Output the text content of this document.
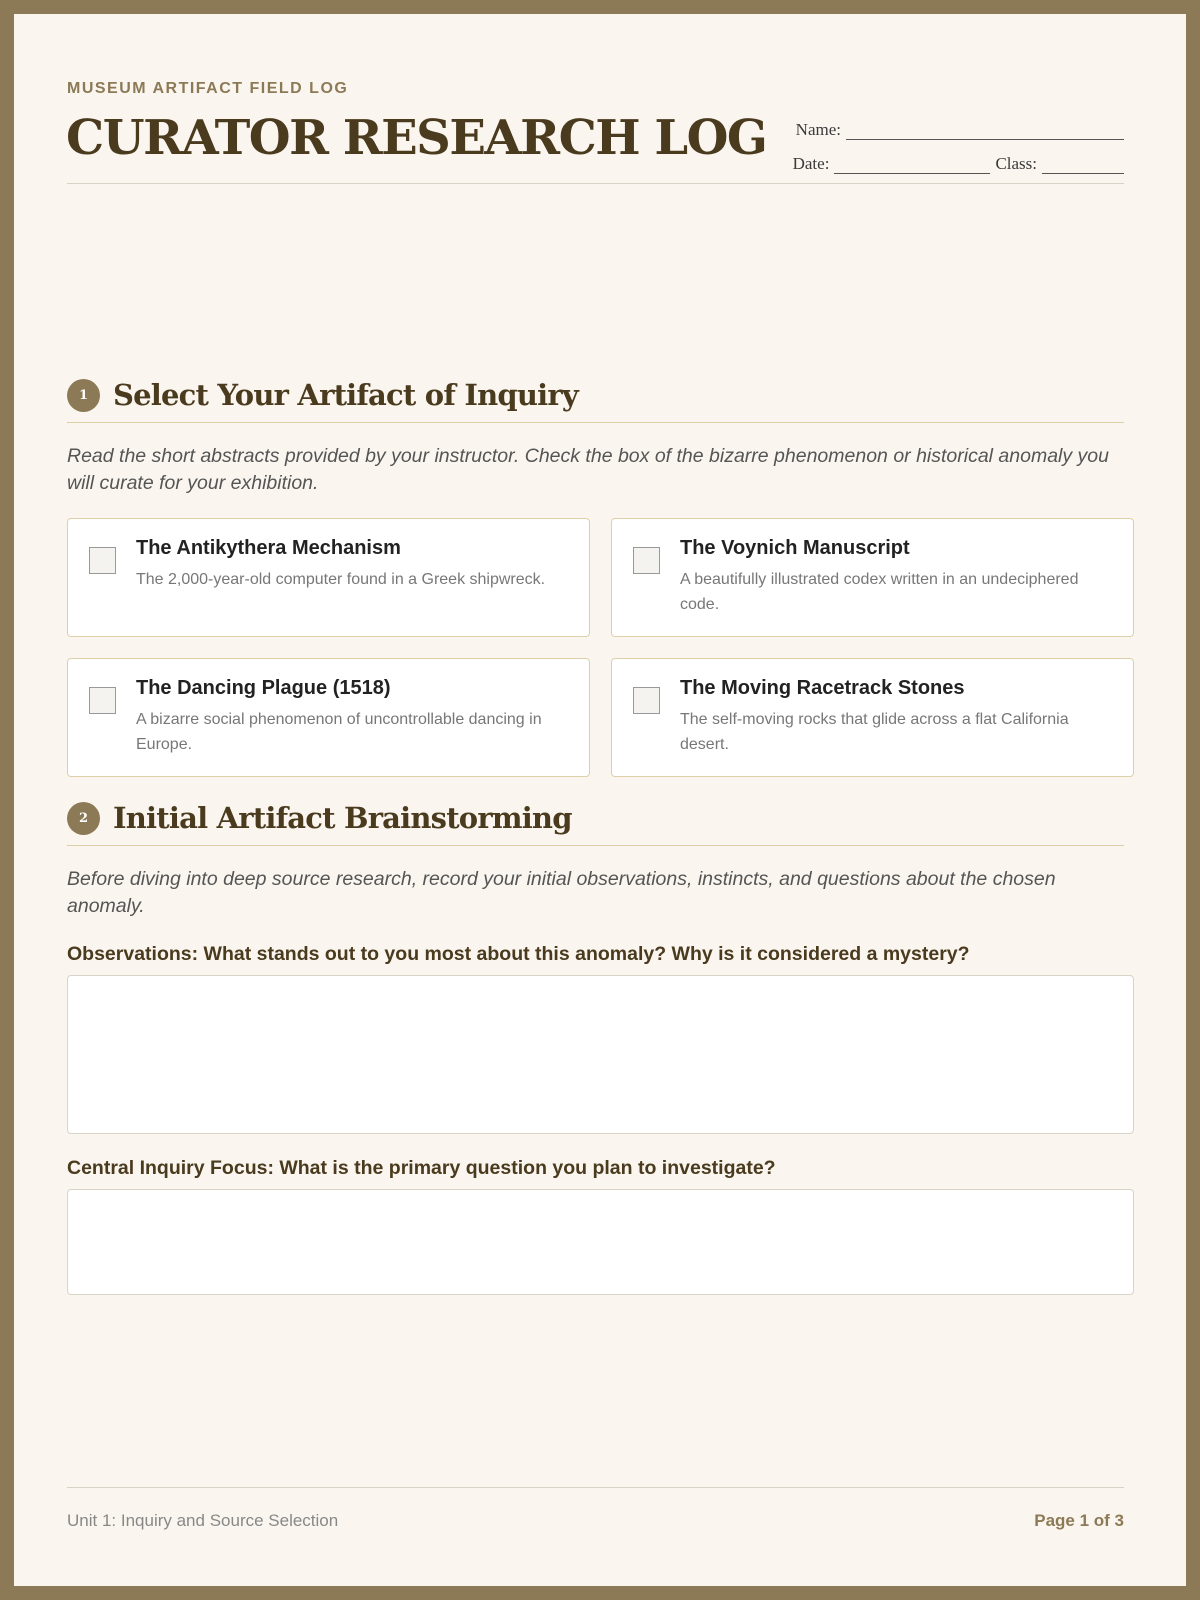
MUSEUM ARTIFACT FIELD LOG
CURATOR RESEARCH LOG Name:
Date:	Class:
1 Select Your Artifact of Inquiry
Read the short abstracts provided by your instructor. Check the box of the bizarre phenomenon or historical anomaly you will curate for your exhibition.
The Antikythera Mechanism
The 2,000-year-old computer found in a Greek shipwreck.
The Voynich Manuscript
A beautifully illustrated codex written in an undeciphered code.
The Dancing Plague (1518)
A bizarre social phenomenon of uncontrollable dancing in Europe.
The Moving Racetrack Stones
The self-moving rocks that glide across a flat California desert.
2 Initial Artifact Brainstorming
Before diving into deep source research, record your initial observations, instincts, and questions about the chosen anomaly.
Observations: What stands out to you most about this anomaly? Why is it considered a mystery?
Central Inquiry Focus: What is the primary question you plan to investigate?
Unit 1: Inquiry and Source Selection	Page 1 of 3
